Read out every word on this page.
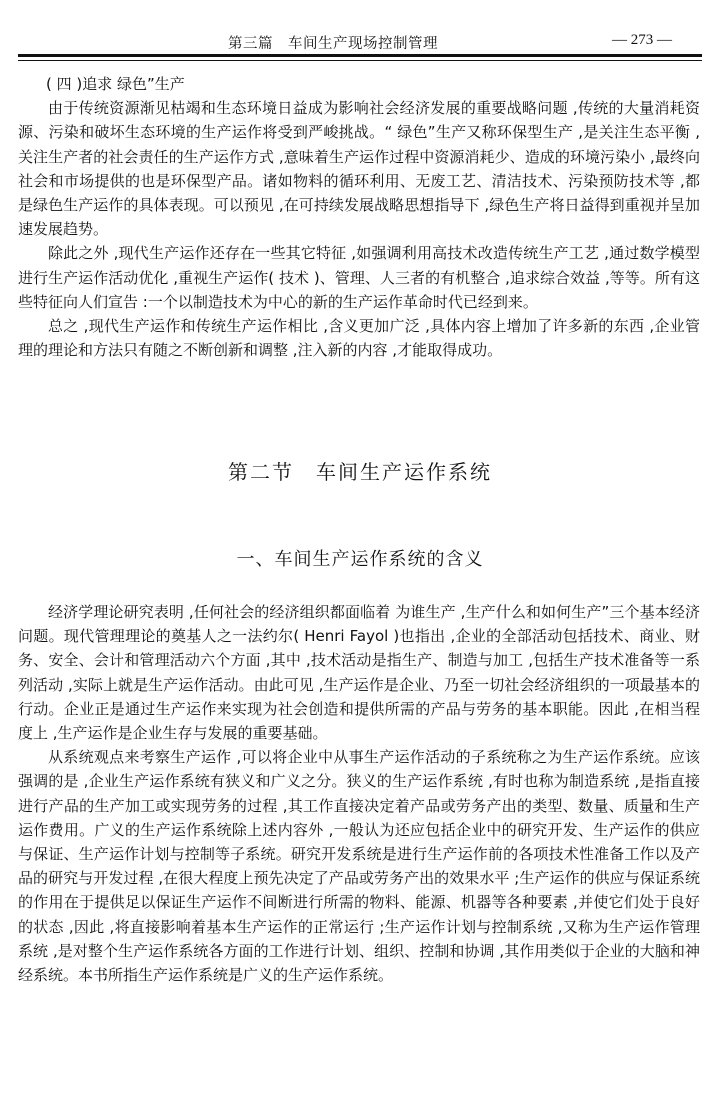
第三篇　车间生产现场控制管理	— 273 —
( 四 )追求 绿色”生产

由于传统资源渐见枯竭和生态环境日益成为影响社会经济发展的重要战略问题 ,传统的大量消耗资源、污染和破坏生态环境的生产运作将受到严峻挑战。“ 绿色”生产又称环保型生产 ,是关注生态平衡 ,关注生产者的社会责任的生产运作方式 ,意味着生产运作过程中资源消耗少、造成的环境污染小 ,最终向社会和市场提供的也是环保型产品。诸如物料的循环利用、无废工艺、清洁技术、污染预防技术等 ,都是绿色生产运作的具体表现。可以预见 ,在可持续发展战略思想指导下 ,绿色生产将日益得到重视并呈加速发展趋势。

除此之外 ,现代生产运作还存在一些其它特征 ,如强调利用高技术改造传统生产工艺 ,通过数学模型进行生产运作活动优化 ,重视生产运作( 技术 )、管理、人三者的有机整合 ,追求综合效益 ,等等。所有这些特征向人们宣告 :一个以制造技术为中心的新的生产运作革命时代已经到来。

总之 ,现代生产运作和传统生产运作相比 ,含义更加广泛 ,具体内容上增加了许多新的东西 ,企业管理的理论和方法只有随之不断创新和调整 ,注入新的内容 ,才能取得成功。

第二节　车间生产运作系统
一、车间生产运作系统的含义

经济学理论研究表明 ,任何社会的经济组织都面临着 为谁生产 ,生产什么和如何生产”三个基本经济问题。现代管理理论的奠基人之一法约尔( Henri Fayol )也指出 ,企业的全部活动包括技术、商业、财务、安全、会计和管理活动六个方面 ,其中 ,技术活动是指生产、制造与加工 ,包括生产技术准备等一系列活动 ,实际上就是生产运作活动。由此可见 ,生产运作是企业、乃至一切社会经济组织的一项最基本的行动。企业正是通过生产运作来实现为社会创造和提供所需的产品与劳务的基本职能。因此 ,在相当程度上 ,生产运作是企业生存与发展的重要基础。

从系统观点来考察生产运作 ,可以将企业中从事生产运作活动的子系统称之为生产运作系统。应该强调的是 ,企业生产运作系统有狭义和广义之分。狭义的生产运作系统 ,有时也称为制造系统 ,是指直接进行产品的生产加工或实现劳务的过程 ,其工作直接决定着产品或劳务产出的类型、数量、质量和生产运作费用。广义的生产运作系统除上述内容外 ,一般认为还应包括企业中的研究开发、生产运作的供应与保证、生产运作计划与控制等子系统。研究开发系统是进行生产运作前的各项技术性准备工作以及产品的研究与开发过程 ,在很大程度上预先决定了产品或劳务产出的效果水平 ;生产运作的供应与保证系统的作用在于提供足以保证生产运作不间断进行所需的物料、能源、机器等各种要素 ,并使它们处于良好的状态 ,因此 ,将直接影响着基本生产运作的正常运行 ;生产运作计划与控制系统 ,又称为生产运作管理系统 ,是对整个生产运作系统各方面的工作进行计划、组织、控制和协调 ,其作用类似于企业的大脑和神经系统。本书所指生产运作系统是广义的生产运作系统。
